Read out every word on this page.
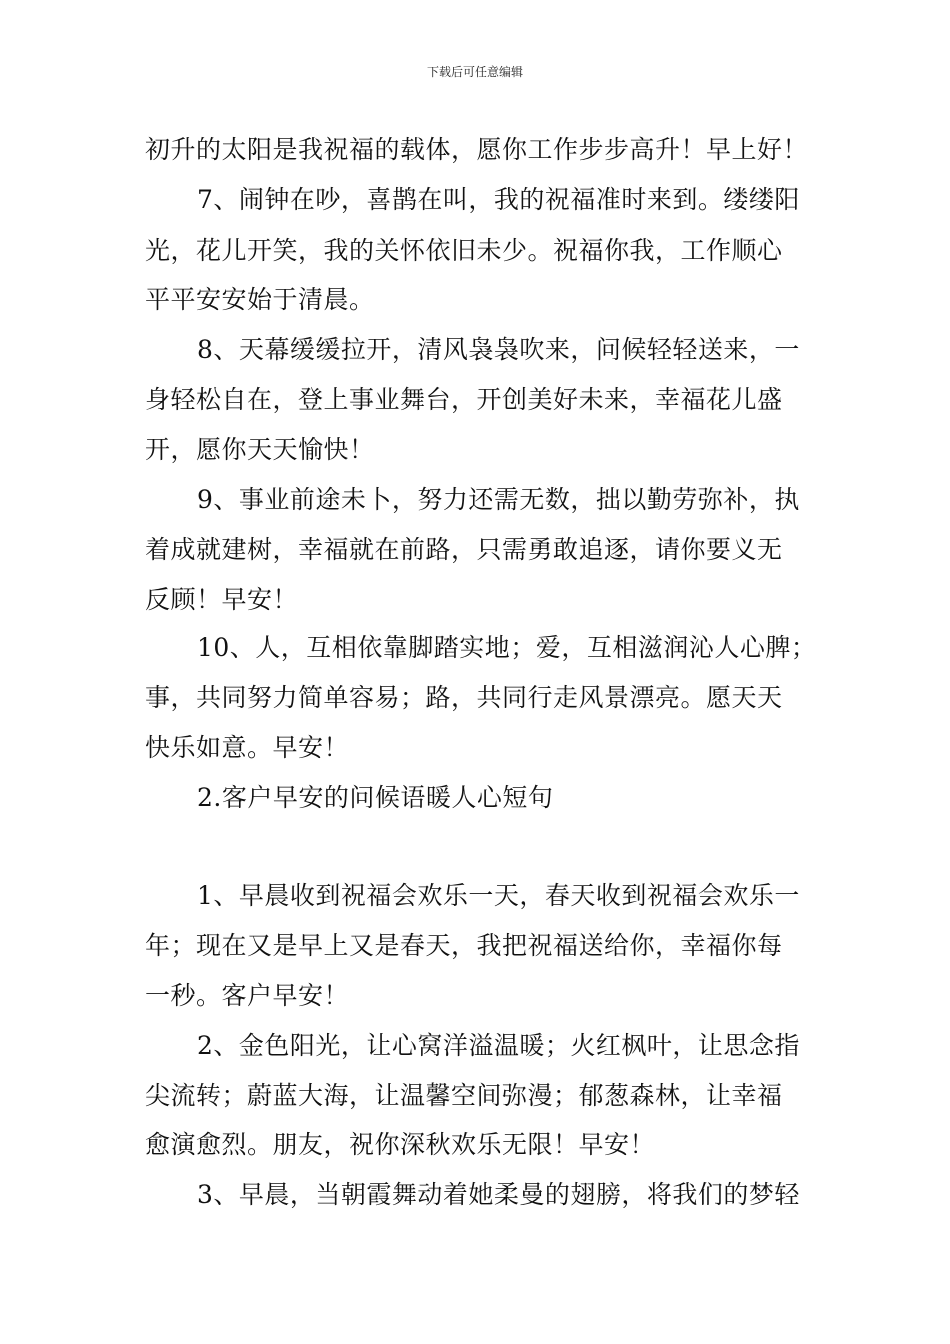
下载后可任意编辑
初升的太阳是我祝福的载体，愿你工作步步高升！早上好！
7、闹钟在吵，喜鹊在叫，我的祝福准时来到。缕缕阳
光，花儿开笑，我的关怀依旧未少。祝福你我，工作顺心
平平安安始于清晨。
8、天幕缓缓拉开，清风袅袅吹来，问候轻轻送来，一
身轻松自在，登上事业舞台，开创美好未来，幸福花儿盛
开，愿你天天愉快！
9、事业前途未卜，努力还需无数，拙以勤劳弥补，执
着成就建树，幸福就在前路，只需勇敢追逐，请你要义无
反顾！早安！
10、人，互相依靠脚踏实地；爱，互相滋润沁人心脾；
事，共同努力简单容易；路，共同行走风景漂亮。愿天天
快乐如意。早安！
2.客户早安的问候语暖人心短句
1、早晨收到祝福会欢乐一天，春天收到祝福会欢乐一
年；现在又是早上又是春天，我把祝福送给你，幸福你每
一秒。客户早安！
2、金色阳光，让心窝洋溢温暖；火红枫叶，让思念指
尖流转；蔚蓝大海，让温馨空间弥漫；郁葱森林，让幸福
愈演愈烈。朋友，祝你深秋欢乐无限！早安！
3、早晨，当朝霞舞动着她柔曼的翅膀，将我们的梦轻
